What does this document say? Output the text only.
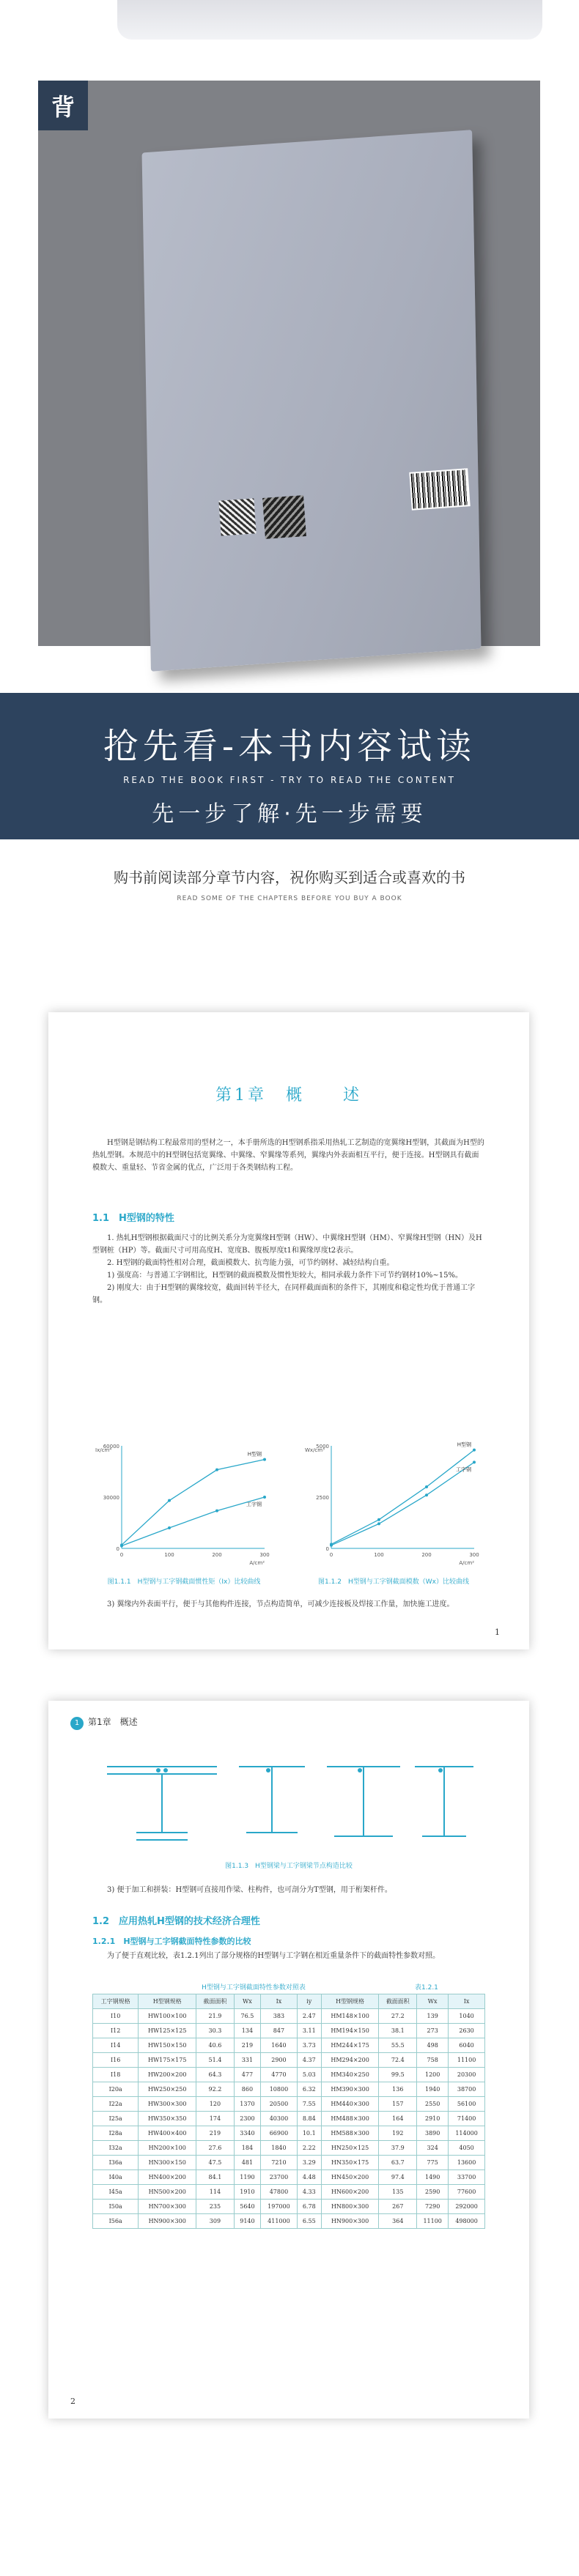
背
抢先看-本书内容试读
READ THE BOOK FIRST - TRY TO READ THE CONTENT
先一步了解·先一步需要
购书前阅读部分章节内容，祝你购买到适合或喜欢的书
READ SOME OF THE CHAPTERS BEFORE YOU BUY A BOOK
第1章　概　　述

H型钢是钢结构工程最常用的型材之一，本手册所选的H型钢系指采用热轧工艺制造的宽翼缘H型钢，其截面为H型的热轧型钢。本规范中的H型钢包括宽翼缘、中翼缘、窄翼缘等系列，翼缘内外表面相互平行，便于连接。H型钢具有截面模数大、重量轻、节省金属的优点，广泛用于各类钢结构工程。

1.1　H型钢的特性

1. 热轧H型钢根据截面尺寸的比例关系分为宽翼缘H型钢（HW）、中翼缘H型钢（HM）、窄翼缘H型钢（HN）及H型钢桩（HP）等。截面尺寸可用高度H、宽度B、腹板厚度t1和翼缘厚度t2表示。

2. H型钢的截面特性相对合理，截面模数大、抗弯能力强，可节约钢材、减轻结构自重。

1) 强度高：与普通工字钢相比，H型钢的截面模数及惯性矩较大，相同承载力条件下可节约钢材10%~15%。

2) 刚度大：由于H型钢的翼缘较宽，截面回转半径大，在同样截面面积的条件下，其刚度和稳定性均优于普通工字钢。

0	100	200	300
0
30000
60000
A/cm²
Ix/cm⁴
H型钢
工字钢
图1.1.1　H型钢与工字钢截面惯性矩（Ix）比较曲线
0	100	200	300
0
2500
5000
A/cm²
Wx/cm³
H型钢
工字钢
图1.1.2　H型钢与工字钢截面模数（Wx）比较曲线

3) 翼缘内外表面平行，便于与其他构件连接，节点构造简单，可减少连接板及焊接工作量，加快施工进度。

1
1 第1章　概述
图1.1.3　H型钢梁与工字钢梁节点构造比较

3) 便于加工和拼装：H型钢可直接用作梁、柱构件，也可剖分为T型钢，用于桁架杆件。

1.2　应用热轧H型钢的技术经济合理性
1.2.1　H型钢与工字钢截面特性参数的比较

为了便于直观比较，表1.2.1列出了部分规格的H型钢与工字钢在相近重量条件下的截面特性参数对照。

H型钢与工字钢截面特性参数对照表	表1.2.1
工字钢规格	H型钢规格	截面面积	Wx	Ix	iy	H型钢规格	截面面积	Wx	Ix
I10	HW100×100	21.9	76.5	383	2.47	HM148×100	27.2	139	1040
I12	HW125×125	30.3	134	847	3.11	HM194×150	38.1	273	2630
I14	HW150×150	40.6	219	1640	3.73	HM244×175	55.5	498	6040
I16	HW175×175	51.4	331	2900	4.37	HM294×200	72.4	758	11100
I18	HW200×200	64.3	477	4770	5.03	HM340×250	99.5	1200	20300
I20a	HW250×250	92.2	860	10800	6.32	HM390×300	136	1940	38700
I22a	HW300×300	120	1370	20500	7.55	HM440×300	157	2550	56100
I25a	HW350×350	174	2300	40300	8.84	HM488×300	164	2910	71400
I28a	HW400×400	219	3340	66900	10.1	HM588×300	192	3890	114000
I32a	HN200×100	27.6	184	1840	2.22	HN250×125	37.9	324	4050
I36a	HN300×150	47.5	481	7210	3.29	HN350×175	63.7	775	13600
I40a	HN400×200	84.1	1190	23700	4.48	HN450×200	97.4	1490	33700
I45a	HN500×200	114	1910	47800	4.33	HN600×200	135	2590	77600
I50a	HN700×300	235	5640	197000	6.78	HN800×300	267	7290	292000
I56a	HN900×300	309	9140	411000	6.55	HN900×300	364	11100	498000
2
